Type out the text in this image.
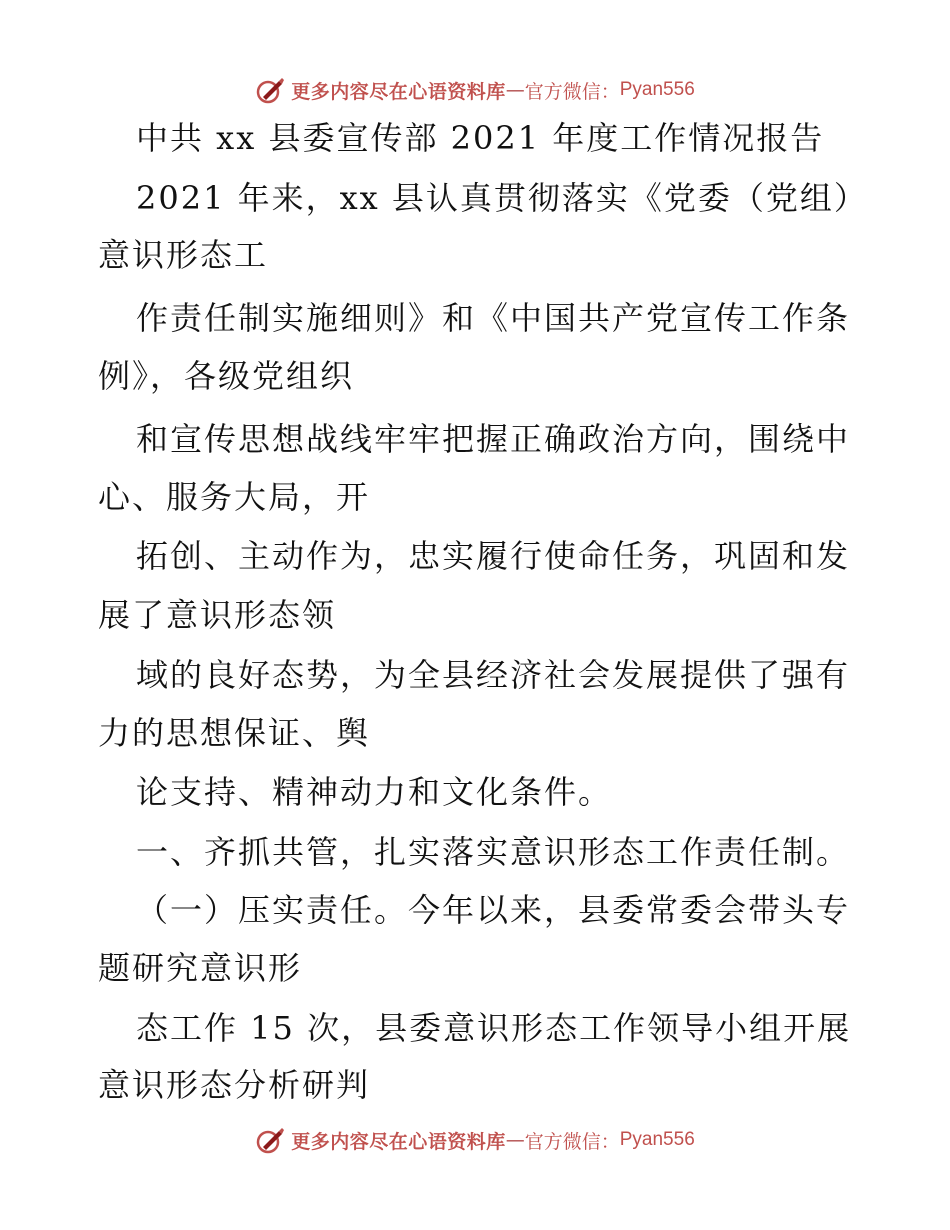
更多内容尽在心语资料库 — 官方微信： Pyan556
中共 xx 县委宣传部 2021 年度工作情况报告
2021 年来，xx 县认真贯彻落实《党委（党组）
意识形态工
作责任制实施细则》和《中国共产党宣传工作条
例》，各级党组织
和宣传思想战线牢牢把握正确政治方向，围绕中
心、服务大局，开
拓创、主动作为，忠实履行使命任务，巩固和发
展了意识形态领
域的良好态势，为全县经济社会发展提供了强有
力的思想保证、舆
论支持、精神动力和文化条件。
一、齐抓共管，扎实落实意识形态工作责任制。
（一）压实责任。今年以来，县委常委会带头专
题研究意识形
态工作 15 次，县委意识形态工作领导小组开展
意识形态分析研判
更多内容尽在心语资料库 — 官方微信： Pyan556
